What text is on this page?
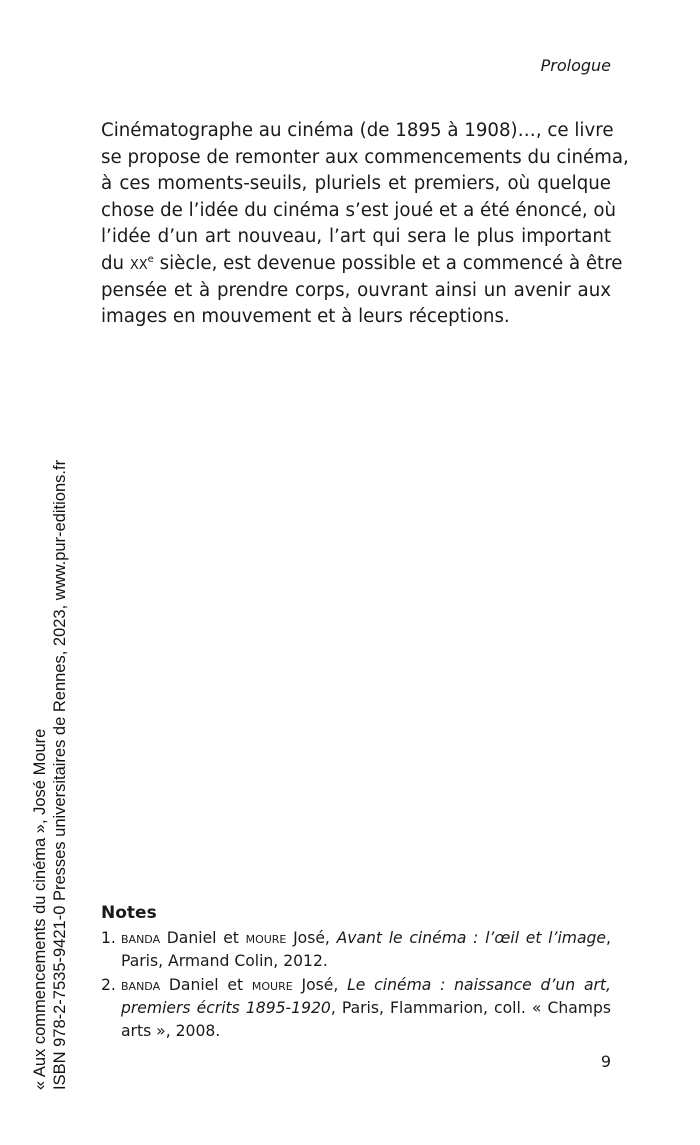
Prologue
Cinématographe au cinéma (de 1895 à 1908)…, ce livre
se propose de remonter aux commencements du cinéma,
à ces moments-seuils, pluriels et premiers, où quelque
chose de l’idée du cinéma s’est joué et a été énoncé, où
l’idée d’un art nouveau, l’art qui sera le plus important
du $xx^e$ siècle, est devenue possible et a commencé à être
pensée et à prendre corps, ouvrant ainsi un avenir aux
images en mouvement et à leurs réceptions.
« Aux commencements du cinéma », José Moure ISBN 978-2-7535-9421-0 Presses universitaires de Rennes, 2023, www.pur-editions.fr Notes
1. banda Daniel et moure José, Avant le cinéma : l’œil et l’image,
Paris, Armand Colin, 2012.
2. banda Daniel et moure José, Le cinéma : naissance d’un art,
premiers écrits 1895-1920, Paris, Flammarion, coll. « Champs
arts », 2008.
9
